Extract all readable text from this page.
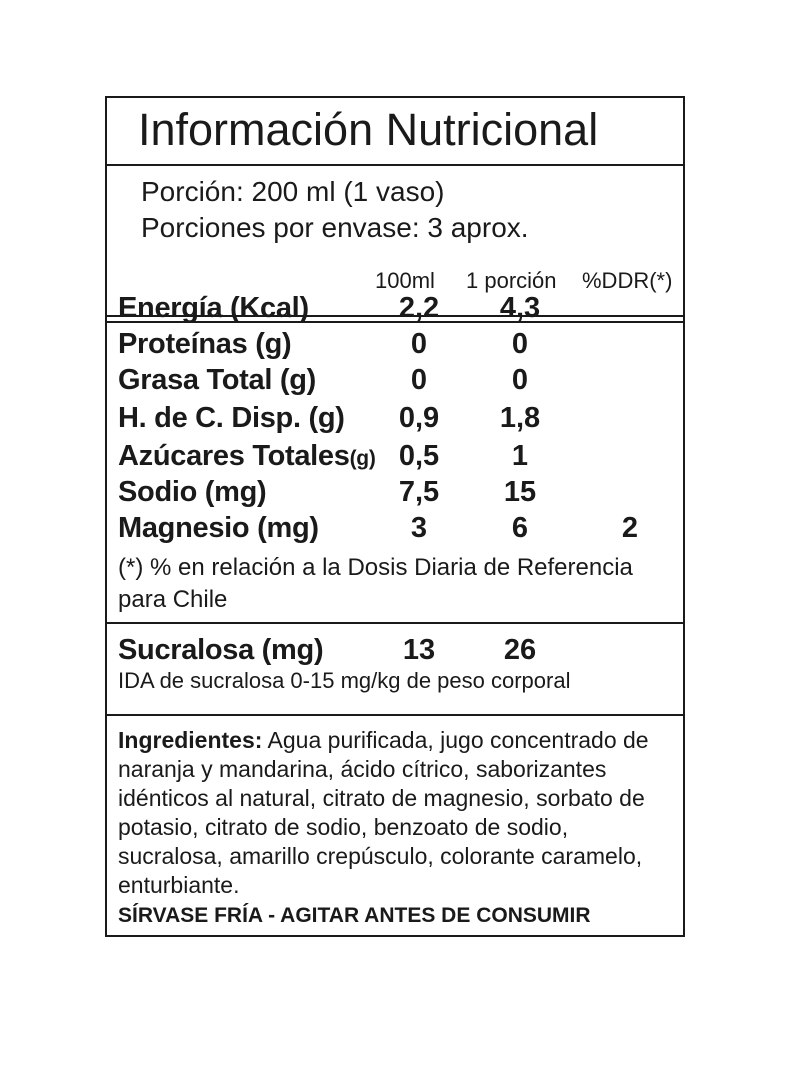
Información Nutricional
Porción: 200 ml (1 vaso)
Porciones por envase: 3 aprox.
100ml 1 porción %DDR(*)
Energía (Kcal)	2,2	4,3
Proteínas (g)	0	0
Grasa Total (g)	0	0
H. de C. Disp. (g)	0,9	1,8
Azúcares Totales(g) 0,5	1
Sodio (mg)	7,5	15
Magnesio (mg)	3	6	2
(*) % en relación a la Dosis Diaria de Referencia
para Chile
Sucralosa (mg)	13	26
IDA de sucralosa 0-15 mg/kg de peso corporal

Ingredientes: Agua purificada, jugo concentrado de naranja y mandarina, ácido cítrico, saborizantes idénticos al natural, citrato de magnesio, sorbato de potasio, citrato de sodio, benzoato de sodio, sucralosa, amarillo crepúsculo, colorante caramelo, enturbiante.

SÍRVASE FRÍA - AGITAR ANTES DE CONSUMIR
